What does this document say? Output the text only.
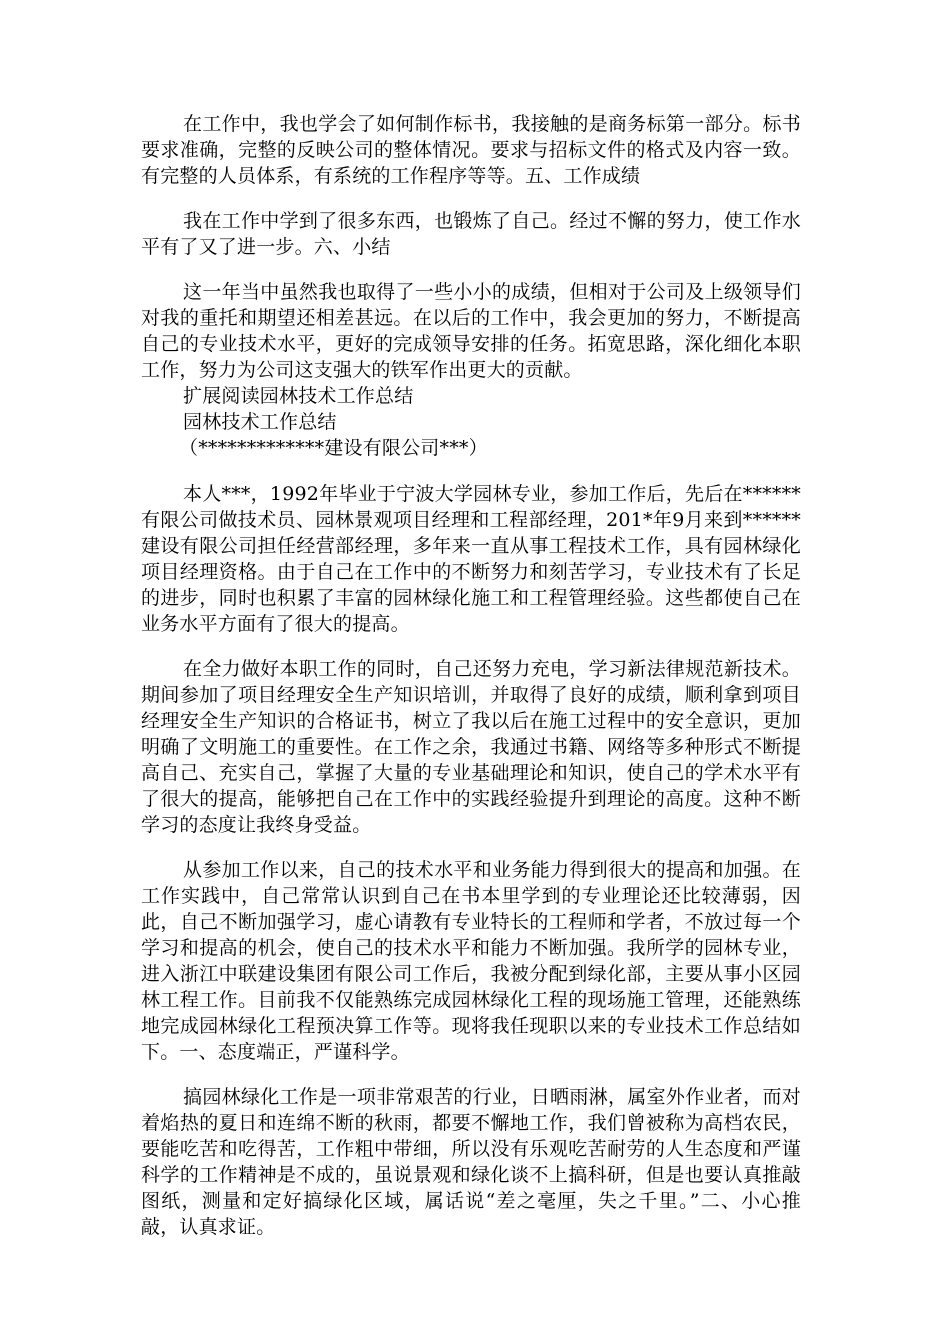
在工作中，我也学会了如何制作标书，我接触的是商务标第一部分。标书要求准确，完整的反映公司的整体情况。要求与招标文件的格式及内容一致。有完整的人员体系，有系统的工作程序等等。五、工作成绩

我在工作中学到了很多东西，也锻炼了自己。经过不懈的努力，使工作水平有了又了进一步。六、小结

这一年当中虽然我也取得了一些小小的成绩，但相对于公司及上级领导们对我的重托和期望还相差甚远。在以后的工作中，我会更加的努力，不断提高自己的专业技术水平，更好的完成领导安排的任务。拓宽思路，深化细化本职工作，努力为公司这支强大的铁军作出更大的贡献。

扩展阅读园林技术工作总结

园林技术工作总结

（*************建设有限公司***）

本人***，1992年毕业于宁波大学园林专业，参加工作后，先后在******有限公司做技术员、园林景观项目经理和工程部经理，201*年9月来到******建设有限公司担任经营部经理，多年来一直从事工程技术工作，具有园林绿化项目经理资格。由于自己在工作中的不断努力和刻苦学习，专业技术有了长足的进步，同时也积累了丰富的园林绿化施工和工程管理经验。这些都使自己在业务水平方面有了很大的提高。

在全力做好本职工作的同时，自己还努力充电，学习新法律规范新技术。期间参加了项目经理安全生产知识培训，并取得了良好的成绩，顺利拿到项目经理安全生产知识的合格证书，树立了我以后在施工过程中的安全意识，更加明确了文明施工的重要性。在工作之余，我通过书籍、网络等多种形式不断提高自己、充实自己，掌握了大量的专业基础理论和知识，使自己的学术水平有了很大的提高，能够把自己在工作中的实践经验提升到理论的高度。这种不断学习的态度让我终身受益。

从参加工作以来，自己的技术水平和业务能力得到很大的提高和加强。在工作实践中，自己常常认识到自己在书本里学到的专业理论还比较薄弱，因此，自己不断加强学习，虚心请教有专业特长的工程师和学者，不放过每一个学习和提高的机会，使自己的技术水平和能力不断加强。我所学的园林专业，进入浙江中联建设集团有限公司工作后，我被分配到绿化部，主要从事小区园林工程工作。目前我不仅能熟练完成园林绿化工程的现场施工管理，还能熟练地完成园林绿化工程预决算工作等。现将我任现职以来的专业技术工作总结如下。一、态度端正，严谨科学。

搞园林绿化工作是一项非常艰苦的行业，日晒雨淋，属室外作业者，而对着焰热的夏日和连绵不断的秋雨，都要不懈地工作，我们曾被称为高档农民，要能吃苦和吃得苦，工作粗中带细，所以没有乐观吃苦耐劳的人生态度和严谨科学的工作精神是不成的，虽说景观和绿化谈不上搞科研，但是也要认真推敲图纸，测量和定好搞绿化区域，属话说“差之毫厘，失之千里。”二、小心推敲，认真求证。
